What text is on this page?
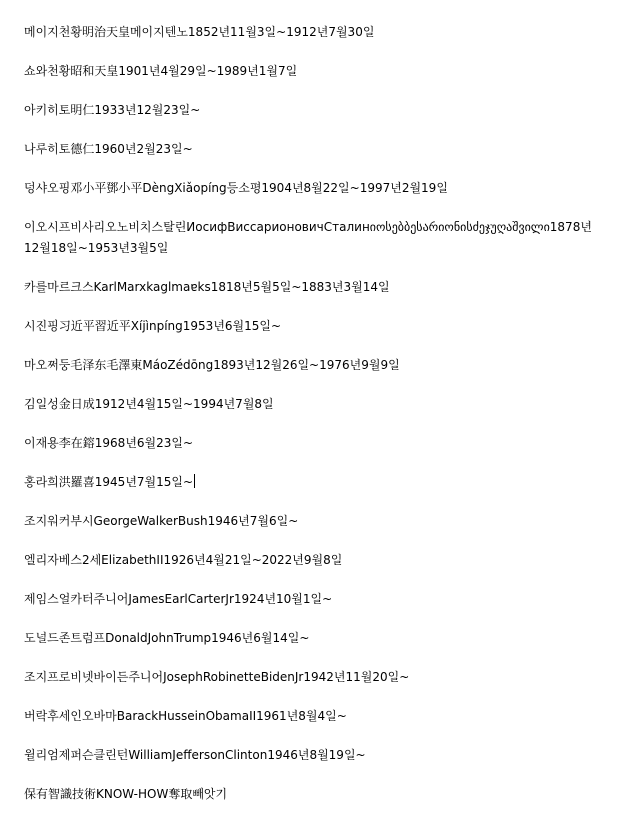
메이지천황明治天皇메이지텐노1852년11월3일~1912년7월30일

쇼와천황昭和天皇1901년4월29일~1989년1월7일

아키히토明仁1933년12월23일~

나루히토德仁1960년2월23일~

덩샤오핑邓小平鄧小平DèngXiǎopíng등소평1904년8월22일~1997년2월19일

이오시프비사리오노비치스탈린ИосифВиссарионовичСталинიოსებბესარიონისძეჯუღაშვილი1878년12월18일~1953년3월5일

카를마르크스KarlMarxkaglmaɐks1818년5월5일~1883년3월14일

시진핑习近平習近平Xíjìnpíng1953년6월15일~

마오쩌둥毛泽东毛澤東MáoZédōng1893년12월26일~1976년9월9일

김일성金日成1912년4월15일~1994년7월8일

이재용李在鎔1968년6월23일~

홍라희洪羅喜1945년7월15일~

조지워커부시GeorgeWalkerBush1946년7월6일~

엘리자베스2세ElizabethII1926년4월21일~2022년9월8일

제임스얼카터주니어JamesEarlCarterJr1924년10월1일~

도널드존트럼프DonaldJohnTrump1946년6월14일~

조지프로비넷바이든주니어JosephRobinetteBidenJr1942년11월20일~

버락후세인오바마BarackHusseinObamaII1961년8월4일~

윌리엄제퍼슨클린턴WilliamJeffersonClinton1946년8월19일~

保有智識技術KNOW-HOW奪取빼앗기
